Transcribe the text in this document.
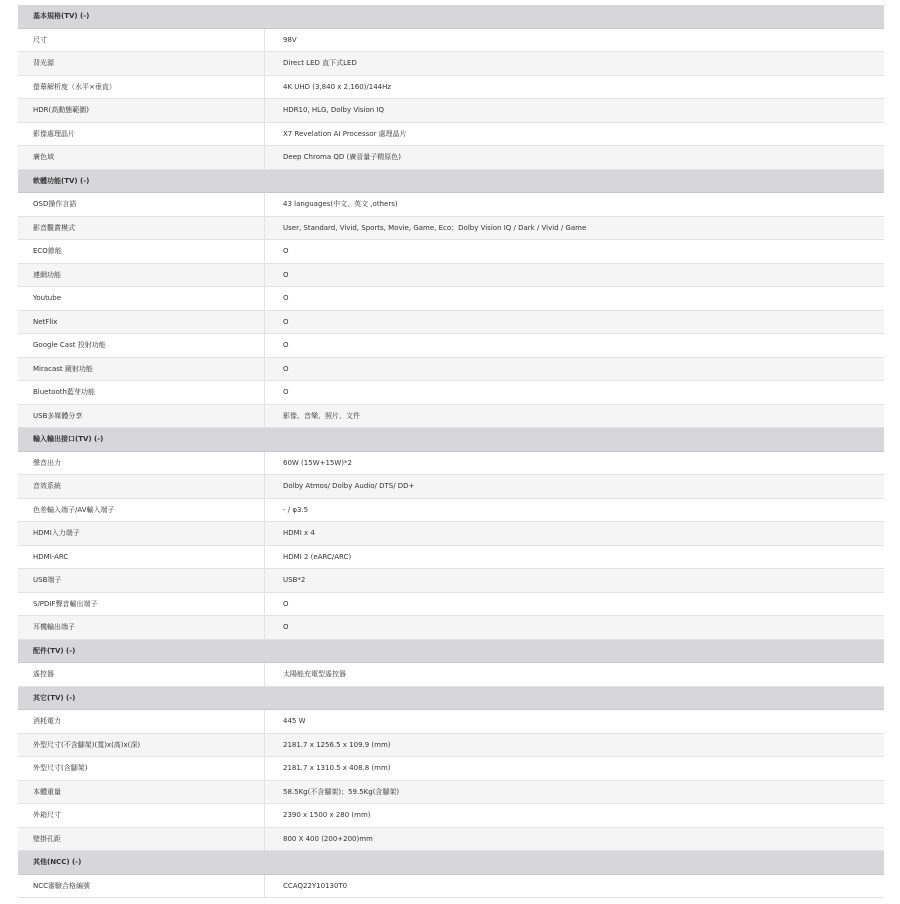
基本規格(TV) (-)
尺寸	98V
背光源	Direct LED 直下式LED
螢幕解析度（水平×垂直）	4K UHD (3,840 x 2,160)/144Hz
HDR(高動態範圍)	HDR10, HLG, Dolby Vision IQ
影像處理晶片	X7 Revelation AI Processor 處理晶片
廣色域	Deep Chroma QD (廣晉量子精原色)
軟體功能(TV) (-)
OSD操作言語	43 languages(中文、英文 ,others)
影音觀賞模式	User, Standard, Vivid, Sports, Movie, Game, Eco；Dolby Vision IQ / Dark / Vivid / Game
ECO節能	O
連網功能	O
Youtube	O
NetFlix	O
Google Cast 投射功能	O
Miracast 鏡射功能	O
Bluetooth藍芽功能	O
USB多媒體分享	影像、音樂、照片、文件
輸入輸出接口(TV) (-)
聲音出力	60W (15W+15W)*2
音效系統	Dolby Atmos/ Dolby Audio/ DTS/ DD+
色差輸入端子/AV輸入端子	- / φ3.5
HDMI入力端子	HDMI x 4
HDMI-ARC	HDMI 2 (eARC/ARC)
USB端子	USB*2
S/PDIF聲音輸出端子	O
耳機輸出端子	O
配件(TV) (-)
遙控器	太陽能充電型遙控器
其它(TV) (-)
消耗電力	445 W
外型尺寸(不含腳架)(寬)x(高)x(深)	2181.7 x 1256.5 x 109.9 (mm)
外型尺寸(含腳架)	2181.7 x 1310.5 x 408.8 (mm)
本體重量	58.5Kg(不含腳架)；59.5Kg(含腳架)
外箱尺寸	2390 x 1500 x 280 (mm)
壁掛孔距	800 X 400 (200+200)mm
其他(NCC) (-)
NCC審驗合格編號	CCAQ22Y10130T0
